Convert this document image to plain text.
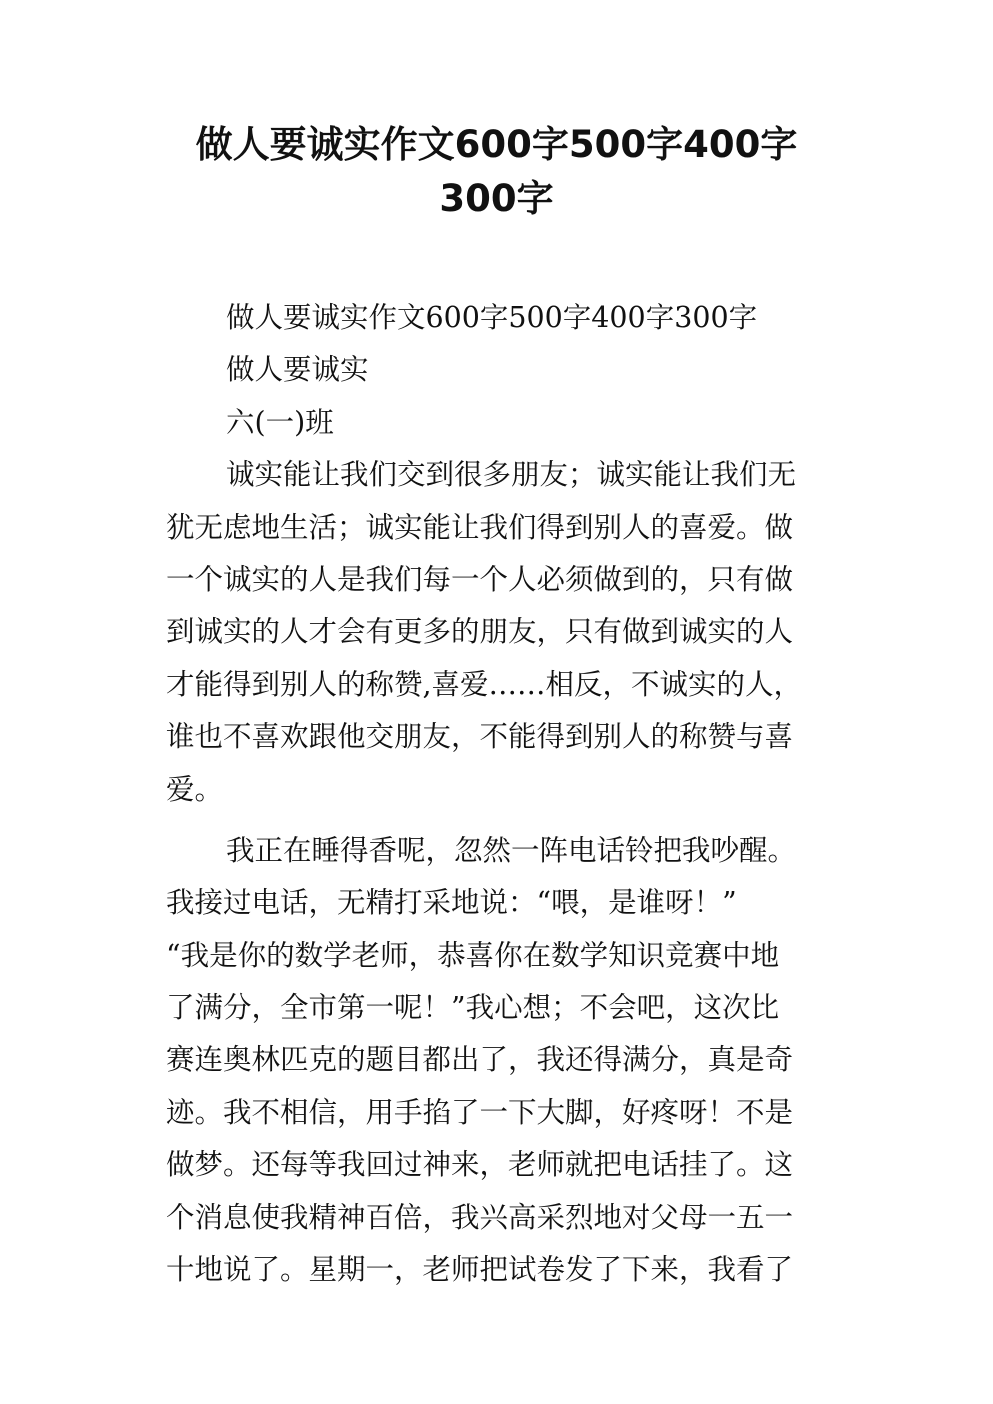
做人要诚实作文600字500字400字
300字
做人要诚实作文600字500字400字300字
做人要诚实
六(一)班
诚实能让我们交到很多朋友；诚实能让我们无
犹无虑地生活；诚实能让我们得到别人的喜爱。做
一个诚实的人是我们每一个人必须做到的，只有做
到诚实的人才会有更多的朋友，只有做到诚实的人
才能得到别人的称赞,喜爱……相反，不诚实的人，
谁也不喜欢跟他交朋友，不能得到别人的称赞与喜
爱。
我正在睡得香呢，忽然一阵电话铃把我吵醒。
我接过电话，无精打采地说：“喂，是谁呀！”
“我是你的数学老师，恭喜你在数学知识竞赛中地
了满分，全市第一呢！”我心想；不会吧，这次比
赛连奥林匹克的题目都出了，我还得满分，真是奇
迹。我不相信，用手掐了一下大脚，好疼呀！不是
做梦。还每等我回过神来，老师就把电话挂了。这
个消息使我精神百倍，我兴高采烈地对父母一五一
十地说了。星期一，老师把试卷发了下来，我看了
